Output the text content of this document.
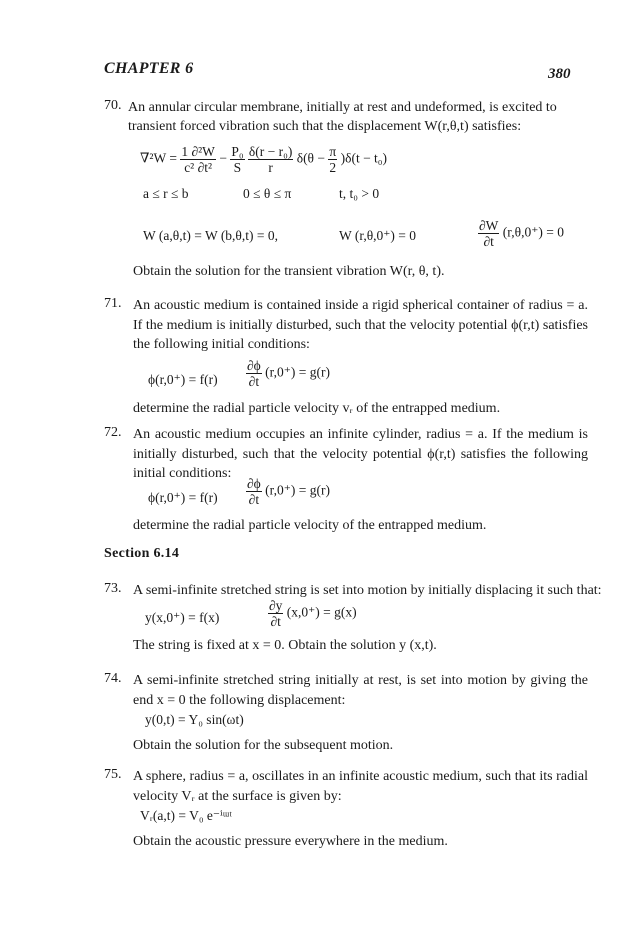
CHAPTER 6	380
70. An annular circular membrane, initially at rest and undeformed, is excited to
transient forced vibration such that the displacement W(r,θ,t) satisfies:
$\nabla^2W = \frac{\text{1 ∂²W}}{\text{c² ∂t²}} - \frac{\text{P₀}}{S}$
$\frac{\text{δ(r − r₀)}}{r} \delta(\theta - \frac{\pi}{2} )\delta(t - t_0)$
a ≤ r ≤ b	0 ≤ θ ≤ π	t, t₀ > 0
W (a,θ,t) = W (b,θ,t) = 0,	W (r,θ,0⁺) = 0	$\frac{\partial W}{\partial t} (r,\theta,0^+) = 0$
Obtain the solution for the transient vibration W(r, θ, t).
71. An acoustic medium is contained inside a rigid spherical container of radius = a. If the medium is initially disturbed, such that the velocity potential ϕ(r,t) satisfies the following initial conditions:
$\phi(r,0^+) = f(r) \frac{\partial\phi}{\partial t} (r,0^+) = g(r)$
determine the radial particle velocity vᵣ of the entrapped medium.
72. An acoustic medium occupies an infinite cylinder, radius = a. If the medium is initially disturbed, such that the velocity potential ϕ(r,t) satisfies the following initial conditions:
$\phi(r,0^+) = f(r) \frac{\partial\phi}{\partial t} (r,0^+) = g(r)$
determine the radial particle velocity of the entrapped medium.
Section 6.14
73. A semi-infinite stretched string is set into motion by initially displacing it such that:
y(x,0⁺) = f(x)	$\frac{\partial y}{\partial t} (x,0^+) = g(x)$
The string is fixed at x = 0. Obtain the solution y (x,t).
74. A semi-infinite stretched string initially at rest, is set into motion by giving the end x = 0 the following displacement:
y(0,t) = Y₀ sin(ωt)
Obtain the solution for the subsequent motion.
75. A sphere, radius = a, oscillates in an infinite acoustic medium, such that its radial velocity Vᵣ at the surface is given by:
Vᵣ(a,t) = V₀ e⁻ⁱᵚᵗ
Obtain the acoustic pressure everywhere in the medium.
